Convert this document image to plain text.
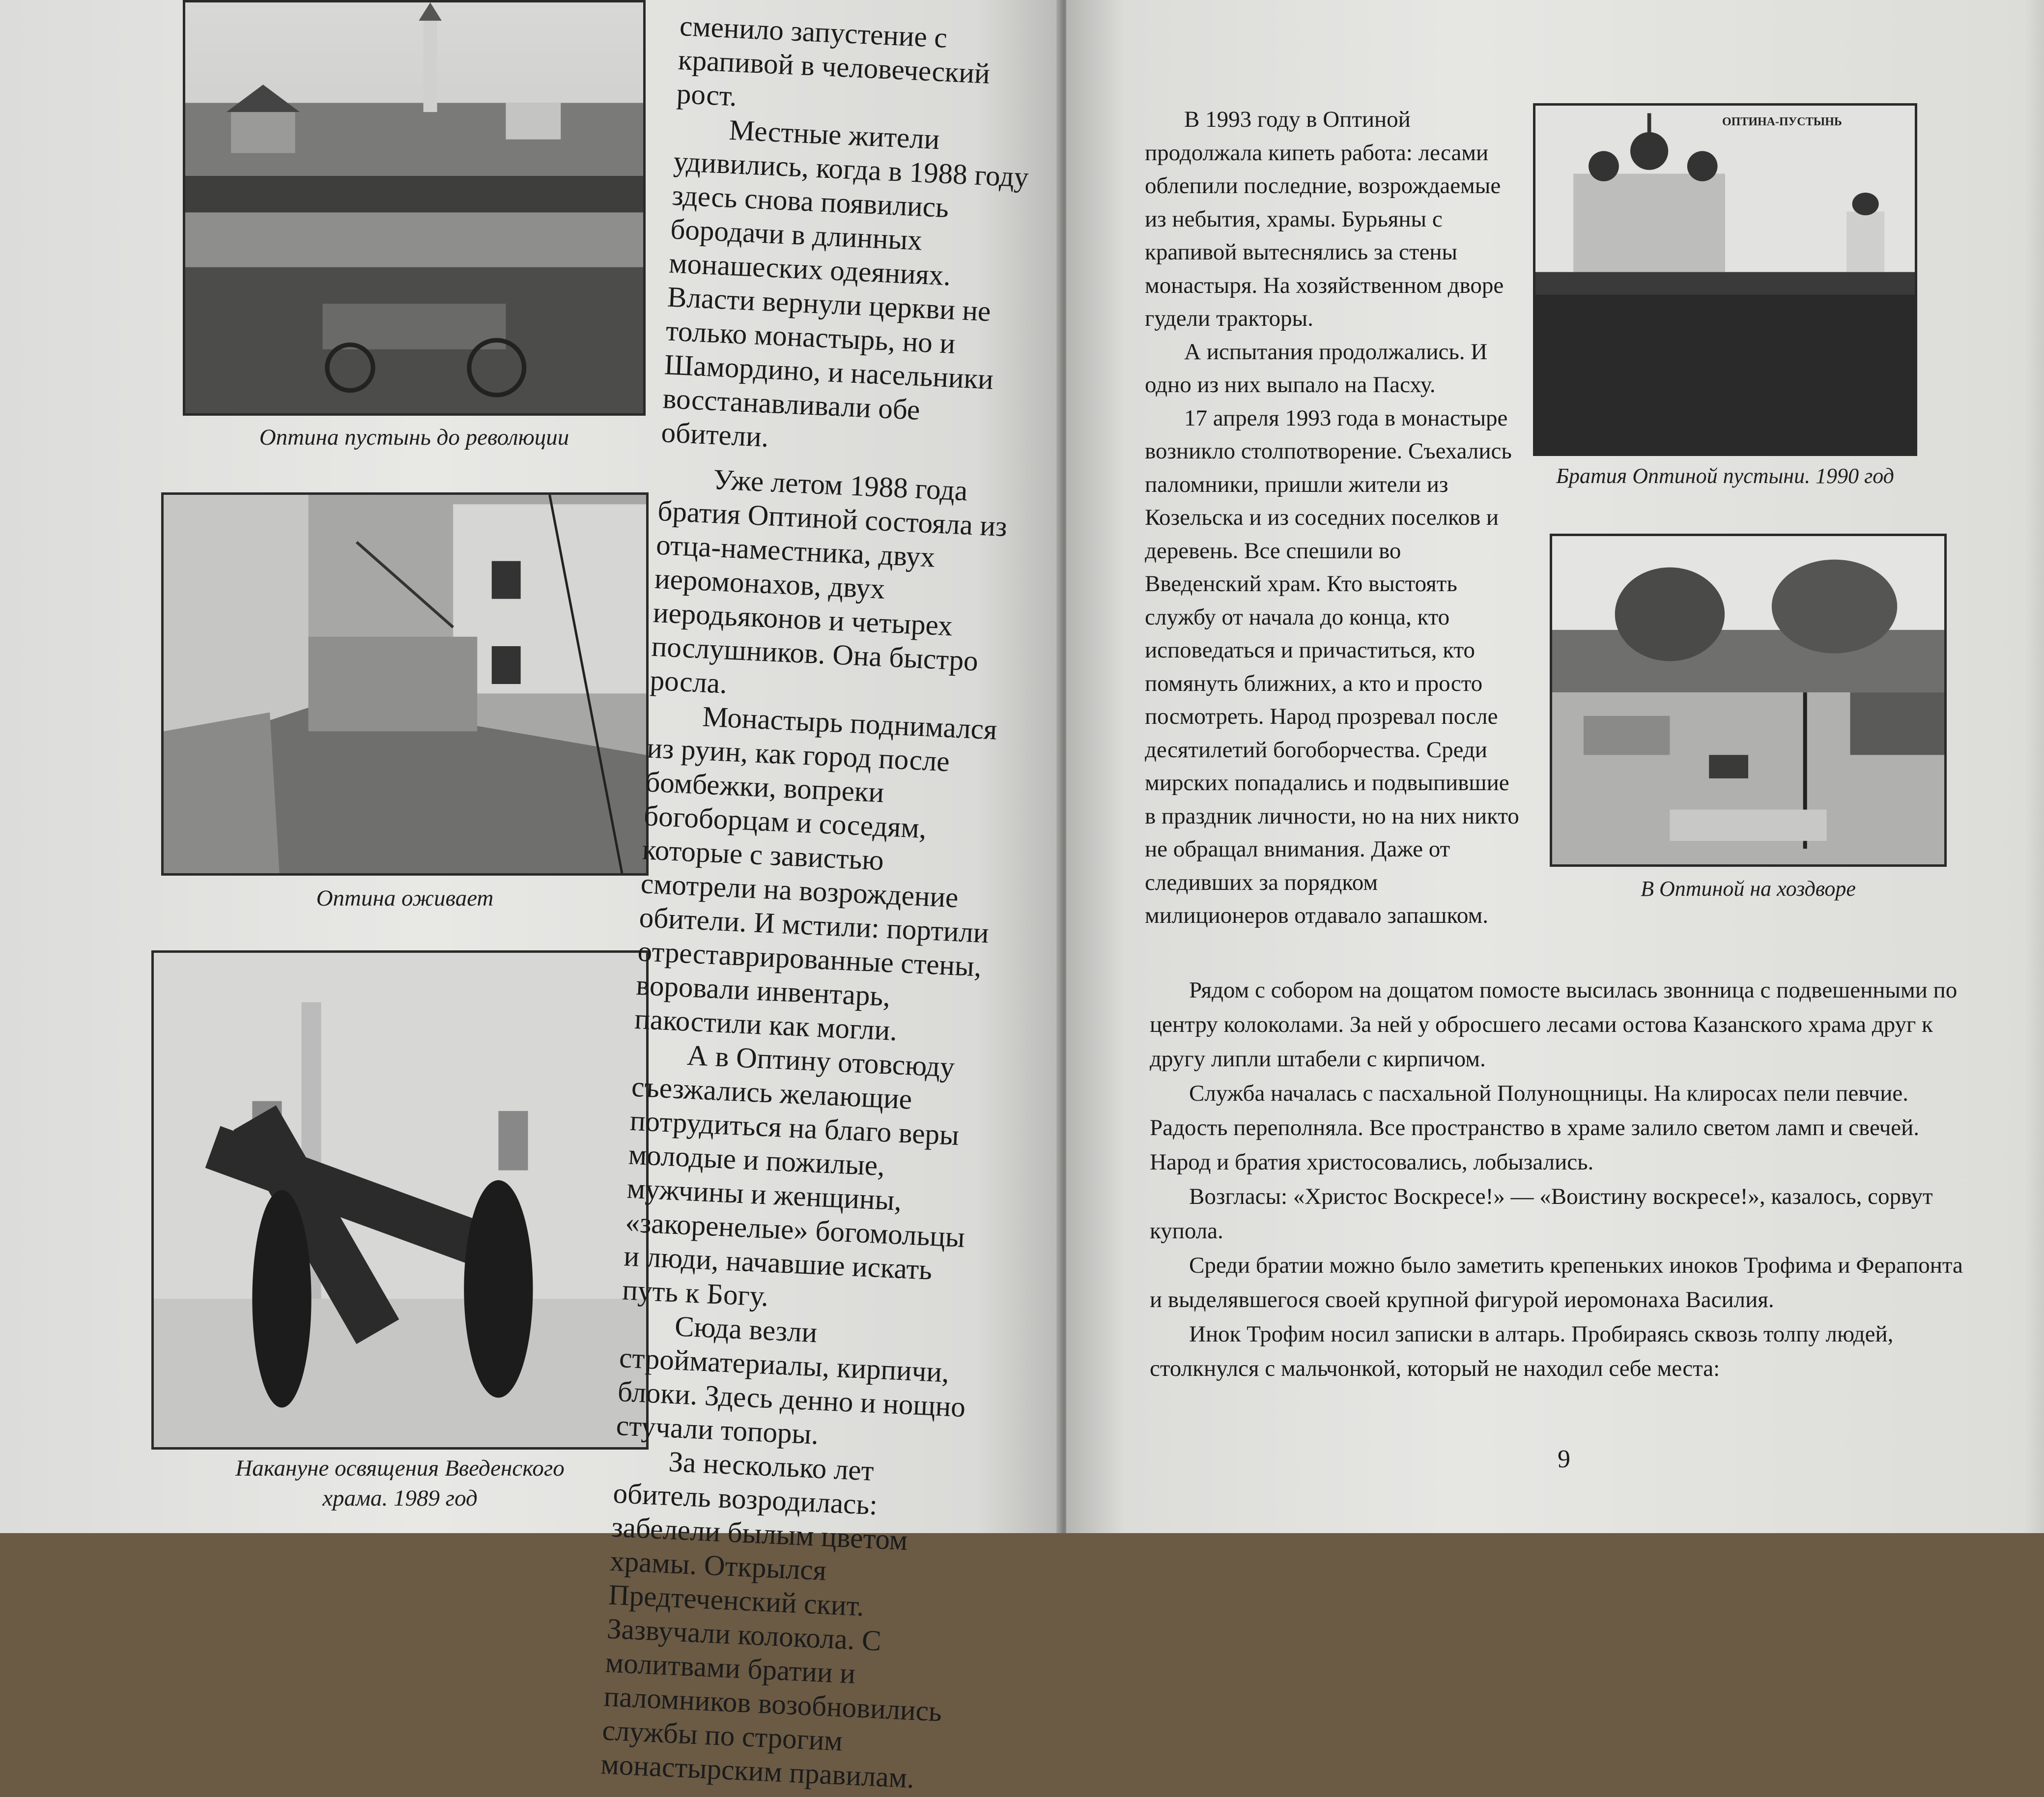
Оптина пустынь до революции
Оптина оживает
Накануне освящения Введенского
храма. 1989 год

сменило запустение с крапивой в человеческий рост.

Местные жители удивились, когда в 1988 году здесь снова появились бородачи в длинных монашеских одеяниях. Власти вернули церкви не только монастырь, но и Шамордино, и насельники восстанавливали обе обители.

Уже летом 1988 года братия Оптиной состояла из отца-наместника, двух иеромонахов, двух иеродьяконов и четырех послушников. Она быстро росла.

Монастырь поднимался из руин, как город после бомбежки, вопреки богоборцам и соседям, которые с завистью смотрели на возрождение обители. И мстили: портили отреставрированные стены, воровали инвентарь, пакостили как могли.

А в Оптину отовсюду съезжались желающие потрудиться на благо веры молодые и пожилые, мужчины и женщины, «закоренелые» богомольцы и люди, начавшие искать путь к Богу.

Сюда везли стройматериалы, кирпичи, блоки. Здесь денно и нощно стучали топоры.

За несколько лет обитель возродилась: забелели былым цветом храмы. Открылся Предтеченский скит. Зазвучали колокола. С молитвами братии и паломников возобновились службы по строгим монастырским правилам.

ОПТИНА-ПУСТЫНЬ
Братия Оптиной пустыни. 1990 год
В Оптиной на хоздворе

В 1993 году в Оптиной продолжала кипеть работа: лесами облепили последние, возрождаемые из небытия, храмы. Бурьяны с крапивой вытеснялись за стены монастыря. На хозяйственном дворе гудели тракторы.

А испытания продолжались. И одно из них выпало на Пасху.

17 апреля 1993 года в монастыре возникло столпотворение. Съехались паломники, пришли жители из Козельска и из соседних поселков и деревень. Все спешили во Введенский храм. Кто выстоять службу от начала до конца, кто исповедаться и причаститься, кто помянуть ближних, а кто и просто посмотреть. Народ прозревал после десятилетий богоборчества. Среди мирских попадались и подвыпившие в праздник личности, но на них никто не обращал внимания. Даже от следивших за порядком милиционеров отдавало запашком.

Рядом с собором на дощатом помосте высилась звонница с подвешенными по центру колоколами. За ней у обросшего лесами остова Казанского храма друг к другу липли штабели с кирпичом.

Служба началась с пасхальной Полунощницы. На клиросах пели певчие. Радость переполняла. Все пространство в храме залило светом ламп и свечей. Народ и братия христосовались, лобызались.

Возгласы: «Христос Воскресе!» — «Воистину воскресе!», казалось, сорвут купола.

Среди братии можно было заметить крепеньких иноков Трофима и Ферапонта и выделявшегося своей крупной фигурой иеромонаха Василия.

Инок Трофим носил записки в алтарь. Пробираясь сквозь толпу людей, столкнулся с мальчонкой, который не находил себе места:

9
